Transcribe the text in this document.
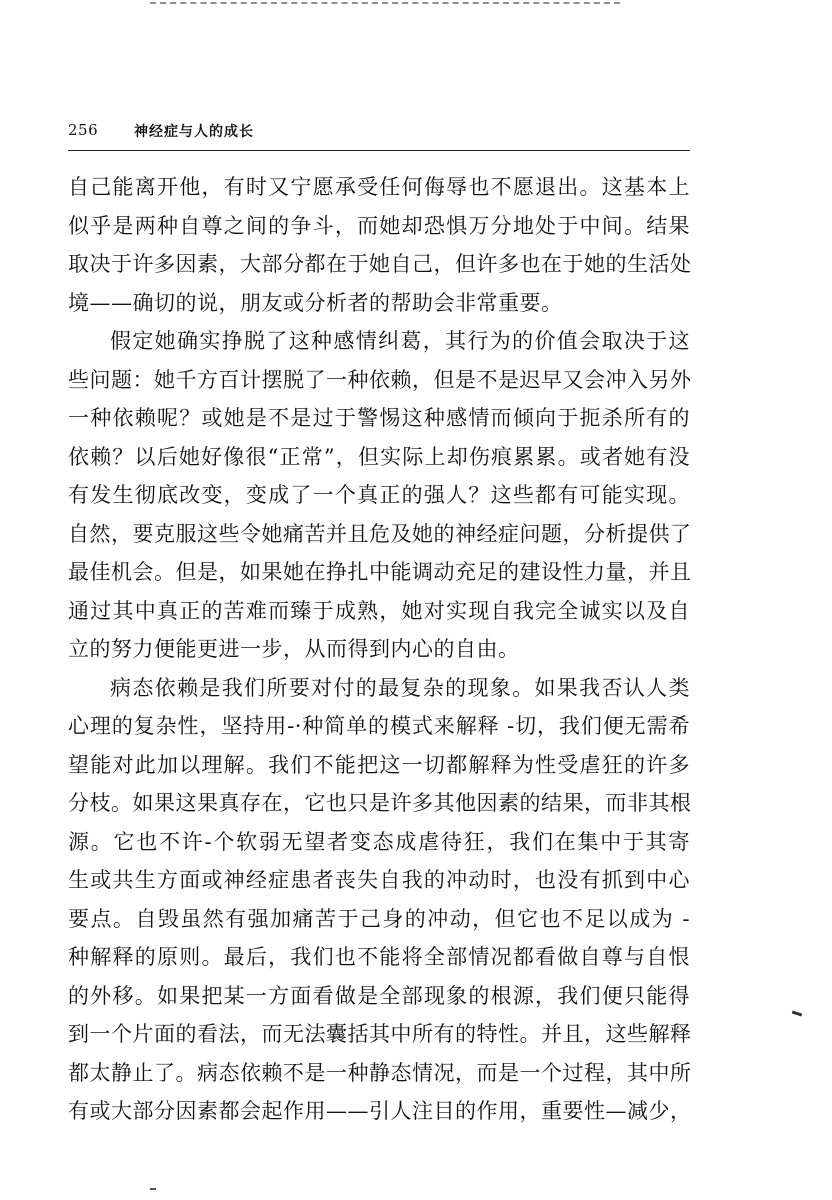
256	神经症与人的成长
自己能离开他，有时又宁愿承受任何侮辱也不愿退出。这基本上
似乎是两种自尊之间的争斗，而她却恐惧万分地处于中间。结果
取决于许多因素，大部分都在于她自己，但许多也在于她的生活处
境——确切的说，朋友或分析者的帮助会非常重要。
假定她确实挣脱了这种感情纠葛，其行为的价值会取决于这
些问题：她千方百计摆脱了一种依赖，但是不是迟早又会冲入另外
一种依赖呢？或她是不是过于警惕这种感情而倾向于扼杀所有的
依赖？以后她好像很“正常”，但实际上却伤痕累累。或者她有没
有发生彻底改变，变成了一个真正的强人？这些都有可能实现。
自然，要克服这些令她痛苦并且危及她的神经症问题，分析提供了
最佳机会。但是，如果她在挣扎中能调动充足的建设性力量，并且
通过其中真正的苦难而臻于成熟，她对实现自我完全诚实以及自
立的努力便能更进一步，从而得到内心的自由。
病态依赖是我们所要对付的最复杂的现象。如果我否认人类
心理的复杂性，坚持用-·种简单的模式来解释 -切，我们便无需希
望能对此加以理解。我们不能把这一切都解释为性受虐狂的许多
分枝。如果这果真存在，它也只是许多其他因素的结果，而非其根
源。它也不许-个软弱无望者变态成虐待狂，我们在集中于其寄
生或共生方面或神经症患者丧失自我的冲动时，也没有抓到中心
要点。自毁虽然有强加痛苦于己身的冲动，但它也不足以成为 -
种解释的原则。最后，我们也不能将全部情况都看做自尊与自恨
的外移。如果把某一方面看做是全部现象的根源，我们便只能得
到一个片面的看法，而无法囊括其中所有的特性。并且，这些解释
都太静止了。病态依赖不是一种静态情况，而是一个过程，其中所
有或大部分因素都会起作用——引人注目的作用，重要性—减少，
